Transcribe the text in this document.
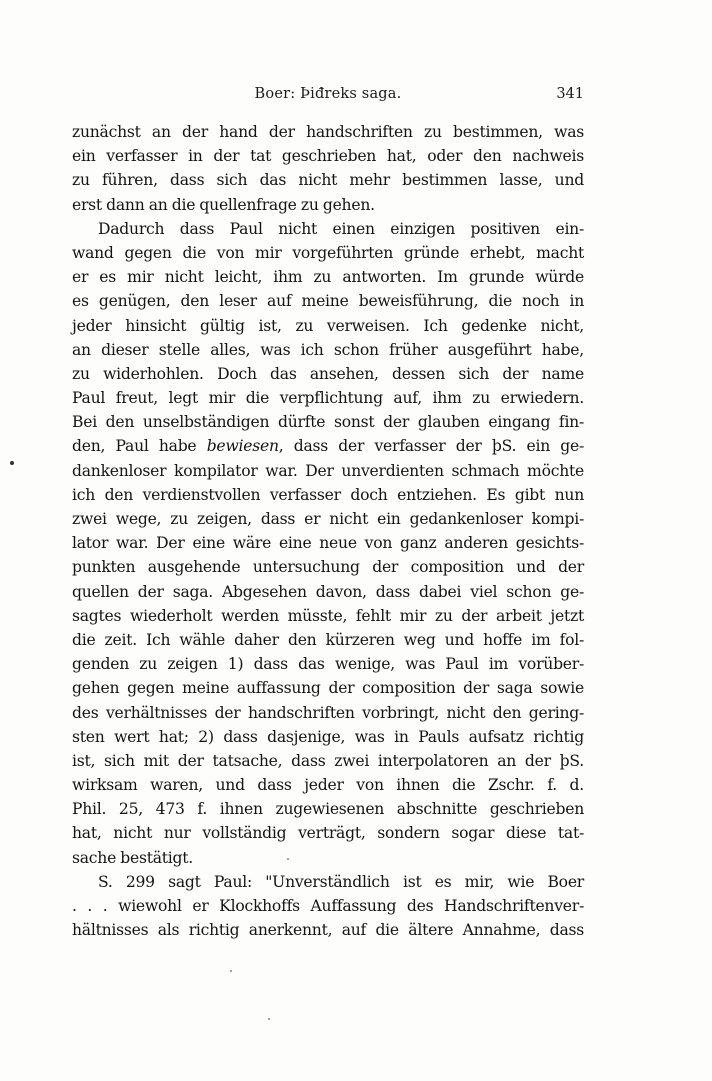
Boer: Þiđreks saga.	341
zunächst an der hand der handschriften zu bestimmen, was
ein verfasser in der tat geschrieben hat, oder den nachweis
zu führen, dass sich das nicht mehr bestimmen lasse, und
erst dann an die quellenfrage zu gehen.
Dadurch dass Paul nicht einen einzigen positiven ein-
wand gegen die von mir vorgeführten gründe erhebt, macht
er es mir nicht leicht, ihm zu antworten. Im grunde würde
es genügen, den leser auf meine beweisführung, die noch in
jeder hinsicht gültig ist, zu verweisen. Ich gedenke nicht,
an dieser stelle alles, was ich schon früher ausgeführt habe,
zu widerhohlen. Doch das ansehen, dessen sich der name
Paul freut, legt mir die verpflichtung auf, ihm zu erwiedern.
Bei den unselbständigen dürfte sonst der glauben eingang fin-
den, Paul habe bewiesen, dass der verfasser der þS. ein ge-
dankenloser kompilator war. Der unverdienten schmach möchte
ich den verdienstvollen verfasser doch entziehen. Es gibt nun
zwei wege, zu zeigen, dass er nicht ein gedankenloser kompi-
lator war. Der eine wäre eine neue von ganz anderen gesichts-
punkten ausgehende untersuchung der composition und der
quellen der saga. Abgesehen davon, dass dabei viel schon ge-
sagtes wiederholt werden müsste, fehlt mir zu der arbeit jetzt
die zeit. Ich wähle daher den kürzeren weg und hoffe im fol-
genden zu zeigen 1) dass das wenige, was Paul im vorüber-
gehen gegen meine auffassung der composition der saga sowie
des verhältnisses der handschriften vorbringt, nicht den gering-
sten wert hat; 2) dass dasjenige, was in Pauls aufsatz richtig
ist, sich mit der tatsache, dass zwei interpolatoren an der þS.
wirksam waren, und dass jeder von ihnen die Zschr. f. d.
Phil. 25, 473 f. ihnen zugewiesenen abschnitte geschrieben
hat, nicht nur vollständig verträgt, sondern sogar diese tat-
sache bestätigt.
S. 299 sagt Paul: "Unverständlich ist es mir, wie Boer
. . . wiewohl er Klockhoffs Auffassung des Handschriftenver-
hältnisses als richtig anerkennt, auf die ältere Annahme, dass
